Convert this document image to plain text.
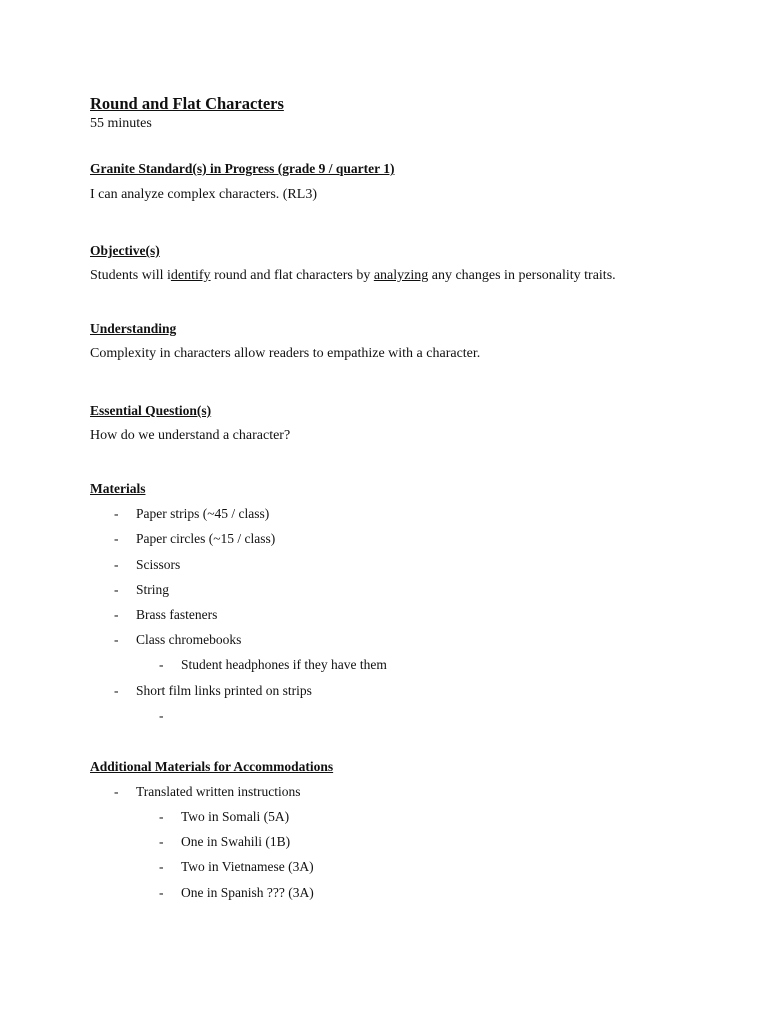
Round and Flat Characters
55 minutes
Granite Standard(s) in Progress (grade 9 / quarter 1)
I can analyze complex characters. (RL3)
Objective(s)
Students will identify round and flat characters by analyzing any changes in personality traits.
Understanding
Complexity in characters allow readers to empathize with a character.
Essential Question(s)
How do we understand a character?
Materials
- Paper strips (~45 / class)
- Paper circles (~15 / class)
- Scissors
- String
- Brass fasteners
- Class chromebooks
- Student headphones if they have them
- Short film links printed on strips
-
Additional Materials for Accommodations
- Translated written instructions
- Two in Somali (5A)
- One in Swahili (1B)
- Two in Vietnamese (3A)
- One in Spanish ??? (3A)
